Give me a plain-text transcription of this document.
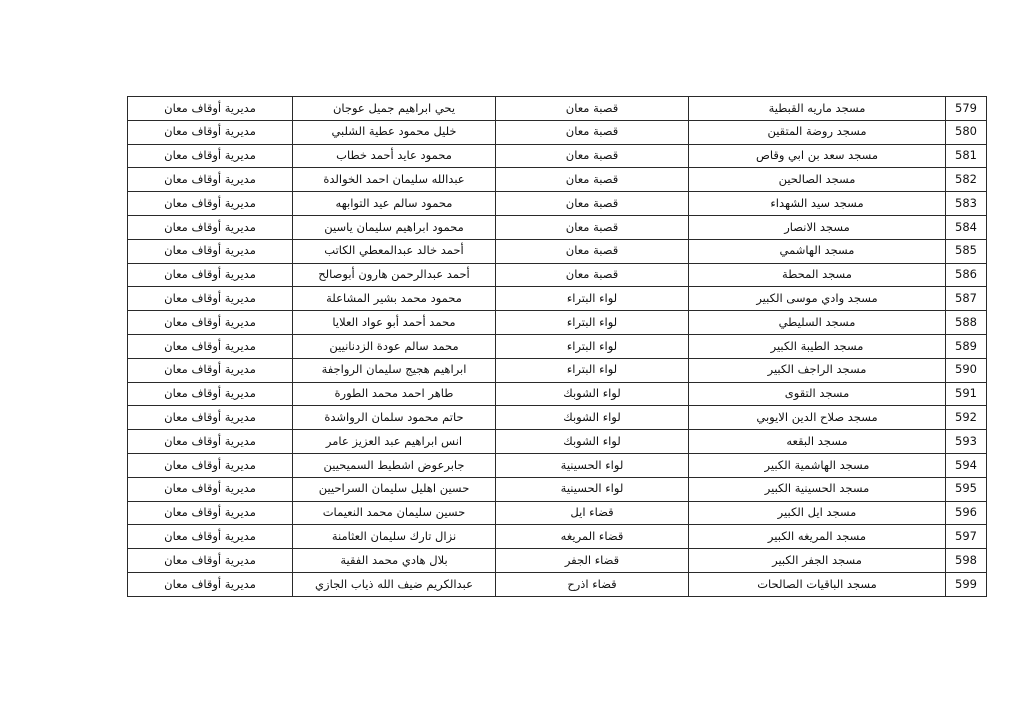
579	مسجد ماريه القبطية	قصبة معان	يحي ابراهيم جميل عوجان	مديرية أوقاف معان
580	مسجد روضة المتقين	قصبة معان	خليل محمود عطية الشلبي	مديرية أوقاف معان
581	مسجد سعد بن ابي وقاص	قصبة معان	محمود عايد أحمد خطاب	مديرية أوقاف معان
582	مسجد الصالحين	قصبة معان	عبدالله سليمان احمد الخوالدة	مديرية أوقاف معان
583	مسجد سيد الشهداء	قصبة معان	محمود سالم عيد التوابهه	مديرية أوقاف معان
584	مسجد الانصار	قصبة معان	محمود ابراهيم سليمان ياسين	مديرية أوقاف معان
585	مسجد الهاشمي	قصبة معان	أحمد خالد عبدالمعطي الكاتب	مديرية أوقاف معان
586	مسجد المحطة	قصبة معان	أحمد عبدالرحمن هارون أبوصالح	مديرية أوقاف معان
587	مسجد وادي موسى الكبير	لواء البتراء	محمود محمد بشير المشاعلة	مديرية أوقاف معان
588	مسجد السليطي	لواء البتراء	محمد أحمد أبو عواد العلايا	مديرية أوقاف معان
589	مسجد الطيبة الكبير	لواء البتراء	محمد سالم عودة الزدنانيين	مديرية أوقاف معان
590	مسجد الراجف الكبير	لواء البتراء	ابراهيم هجيج سليمان الرواجفة	مديرية أوقاف معان
591	مسجد التقوى	لواء الشوبك	طاهر احمد محمد الطورة	مديرية أوقاف معان
592	مسجد صلاح الدين الايوبي	لواء الشوبك	حاتم محمود سلمان الرواشدة	مديرية أوقاف معان
593	مسجد البقعه	لواء الشوبك	انس ابراهيم عبد العزيز عامر	مديرية أوقاف معان
594	مسجد الهاشمية الكبير	لواء الحسينية	جابرعوض اشطيط السميحيين	مديرية أوقاف معان
595	مسجد الحسينية الكبير	لواء الحسينية	حسين اهليل سليمان السراحيين	مديرية أوقاف معان
596	مسجد ايل الكبير	قضاء ايل	حسين سليمان محمد النعيمات	مديرية أوقاف معان
597	مسجد المريغه الكبير	قضاء المريغه	نزال تارك سليمان العثامنة	مديرية أوقاف معان
598	مسجد الجفر الكبير	قضاء الجفر	بلال هادي محمد الفقية	مديرية أوقاف معان
599	مسجد الباقيات الصالحات	قضاء اذرح	عبدالكريم ضيف الله ذياب الجازي	مديرية أوقاف معان
